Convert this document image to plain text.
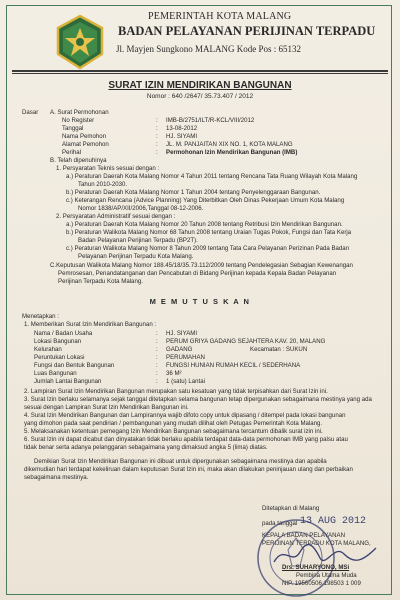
PEMERINTAH KOTA MALANG
BADAN PELAYANAN PERIJINAN TERPADU
Jl. Mayjen Sungkono MALANG Kode Pos : 65132
SURAT IZIN MENDIRIKAN BANGUNAN
Nomor : 640 /2647/ 35.73.407 / 2012
Dasar A. Surat Permohonan
No Register	: IMB-B/2751/ILT/R-KCL/VIII/2012
Tanggal	: 13-08-2012
Nama Pemohon	: HJ. SIYAMI
Alamat Pemohon	: JL. M. PANJAITAN XIX NO. 1, KOTA MALANG
Perihal	: Permohonan Izin Mendirikan Bangunan (IMB)
B. Telah dipenuhinya
1. Persyaratan Teknis sesuai dengan :
a.) Peraturan Daerah Kota Malang Nomor 4 Tahun 2011 tentang Rencana Tata Ruang Wilayah Kota Malang
Tahun 2010-2030.
b.) Peraturan Daerah Kota Malang Nomor 1 Tahun 2004 tentang Penyelenggaraan Bangunan.
c.) Keterangan Rencana (Advice Planning) Yang Diterbitkan Oleh Dinas Pekerjaan Umum Kota Malang
Nomor 1838/AP/XII/2006,Tanggal 08-12-2006.
2. Persyaratan Administratif sesuai dengan :
a.) Peraturan Daerah Kota Malang Nomor 20 Tahun 2008 tentang Retribusi Izin Mendirikan Bangunan.
b.) Peraturan Walikota Malang Nomor 68 Tahun 2008 tentang Uraian Tugas Pokok, Fungsi dan Tata Kerja
Badan Pelayanan Perijinan Terpadu (BP2T).
c.) Peraturan Walikota Malang Nomor 8 Tahun 2009 tentang Tata Cara Pelayanan Perizinan Pada Badan
Pelayanan Perijinan Terpadu Kota Malang.
C.Keputusan Walikota Malang Nomor 188.45/18/35.73.112/2009 tentang Pendelegasian Sebagian Kewenangan
Pemrosesan, Penandatanganan dan Pencabutan di Bidang Perijinan kepada Kepala Badan Pelayanan
Perijinan Terpadu Kota Malang.
M E M U T U S K A N
Menetapkan :
1. Memberikan Surat Izin Mendirikan Bangunan :
Nama / Badan Usaha	: HJ. SIYAMI
Lokasi Bangunan	: PERUM GRIYA GADANG SEJAHTERA KAV. 20, MALANG
Kelurahan	: GADANG	Kecamatan : SUKUN
Peruntukan Lokasi	: PERUMAHAN
Fungsi dan Bentuk Bangunan	: FUNGSI HUNIAN RUMAH KECIL / SEDERHANA
Luas Bangunan	: 36 M²
Jumlah Lantai Bangunan	: 1 (satu) Lantai
2. Lampiran Surat Izin Mendirikan Bangunan merupakan satu kesatuan yang tidak terpisahkan dari Surat Izin ini.
3. Surat Izin berlaku selamanya sejak tanggal ditetapkan selama bangunan tetap dipergunakan sebagaimana mestinya yang ada
sesuai dengan Lampiran Surat Izin Mendirikan Bangunan ini.
4. Surat Izin Mendirikan Bangunan dan Lampirannya wajib difoto copy untuk dipasang / ditempel pada lokasi bangunan
yang dimohon pada saat pendirian / pembangunan yang mudah dilihat oleh Petugas Pemerintah Kota Malang.
5. Melaksanakan ketentuan pemegang Izin Mendirikan Bangunan sebagaimana tercantum dibalik surat izin ini.
6. Surat Izin ini dapat dicabut dan dinyatakan tidak berlaku apabila terdapat data-data permohonan IMB yang palsu atau
tidak benar serta adanya pelanggaran sebagaimana yang dimaksud angka 5 (lima) diatas.
Demikian Surat Izin Mendirikan Bangunan ini dibuat untuk dipergunakan sebagaimana mestinya dan apabila
dikemudian hari terdapat kekeliruan dalam keputusan Surat Izin ini, maka akan dilakukan peninjauan ulang dan perbaikan
sebagaimana mestinya.
Ditetapkan di Malang
pada tanggal 13 AUG 2012
KEPALA BADAN PELAYANAN
PERIJINAN TERPADU KOTA MALANG,
Drs. SUHARYONO, MSi
Pembina Utama Muda
NIP. 19560506 198503 1 009
